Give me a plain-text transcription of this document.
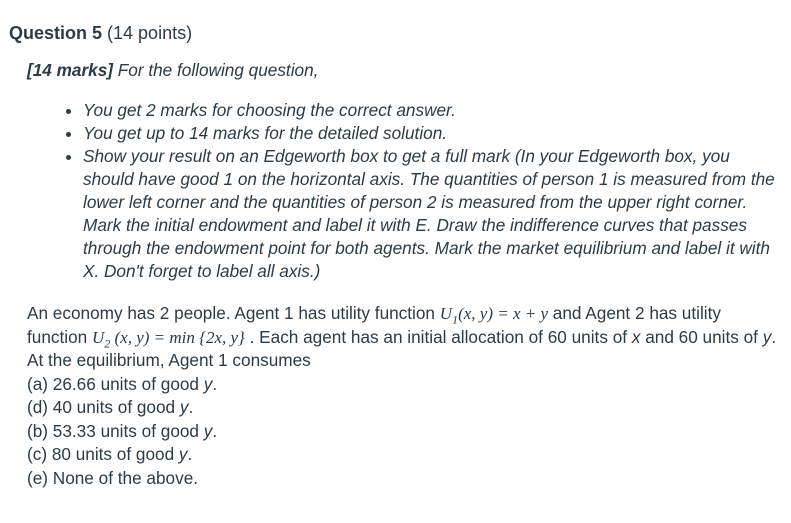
Question 5 (14 points)

[14 marks] For the following question,

• You get 2 marks for choosing the correct answer.
• You get up to 14 marks for the detailed solution.
• Show your result on an Edgeworth box to get a full mark (In your Edgeworth box, you should have good 1 on the horizontal axis. The quantities of person 1 is measured from the lower left corner and the quantities of person 2 is measured from the upper right corner. Mark the initial endowment and label it with E. Draw the indifference curves that passes through the endowment point for both agents. Mark the market equilibrium and label it with X. Don't forget to label all axis.)

An economy has 2 people. Agent 1 has utility function $U_1(x$, y) = x + y and Agent 2 has utility function $U_2$ (x, y) = min {2x, y} . Each agent has an initial allocation of 60 units of x and 60 units of y. At the equilibrium, Agent 1 consumes

(a) 26.66 units of good y.
(d) 40 units of good y.
(b) 53.33 units of good y.
(c) 80 units of good y.
(e) None of the above.
